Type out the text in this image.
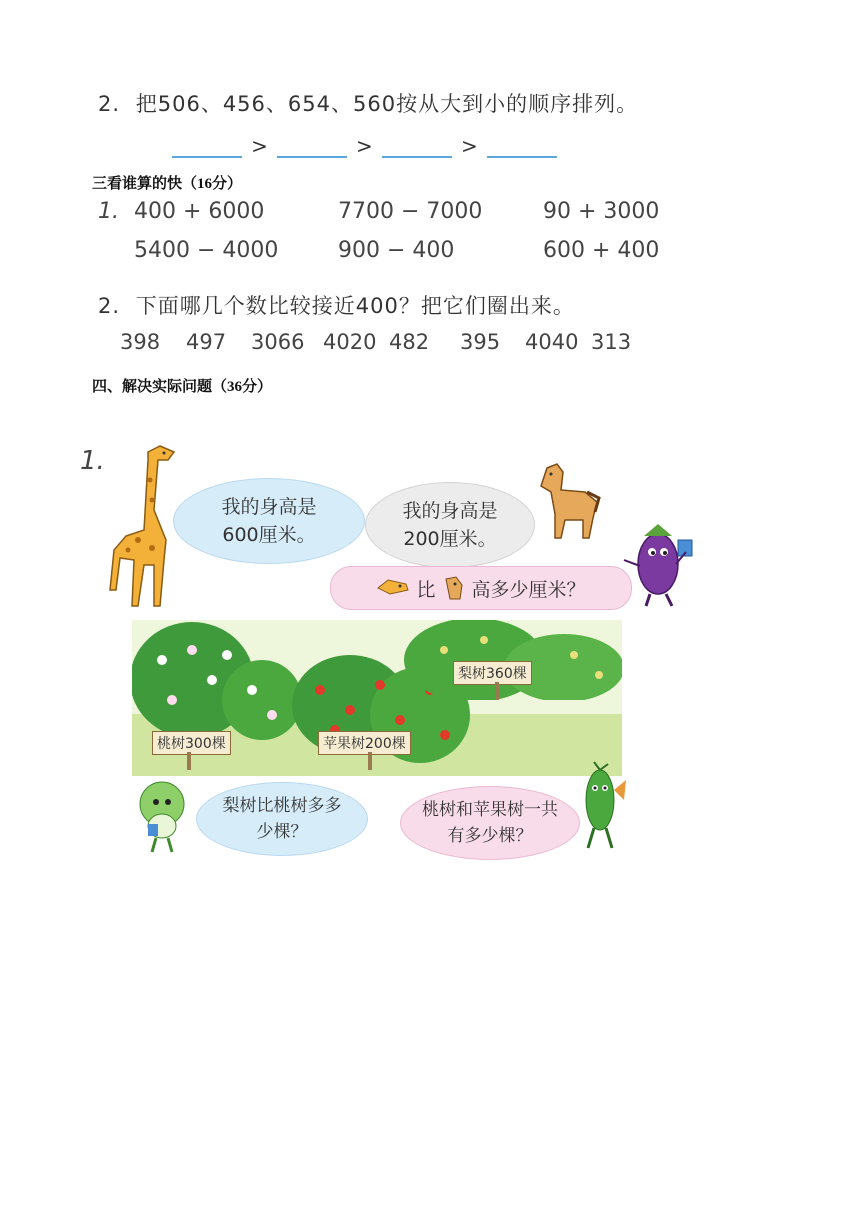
2. 把506、456、654、560按从大到小的顺序排列。
>	>	>
三看谁算的快（16分）
1. 400 + 6000	7700 − 7000	90 + 3000
5400 − 4000	900 − 400	600 + 400
2. 下面哪几个数比较接近400？把它们圈出来。
398 497 3066 4020 482 395 4040 313
四、解决实际问题（36分）
1.
我的身高是600厘米。
我的身高是200厘米。
比 高多少厘米？
桃树300棵	苹果树200棵
梨树360棵
梨树比桃树多多少棵？
桃树和苹果树一共有多少棵？
